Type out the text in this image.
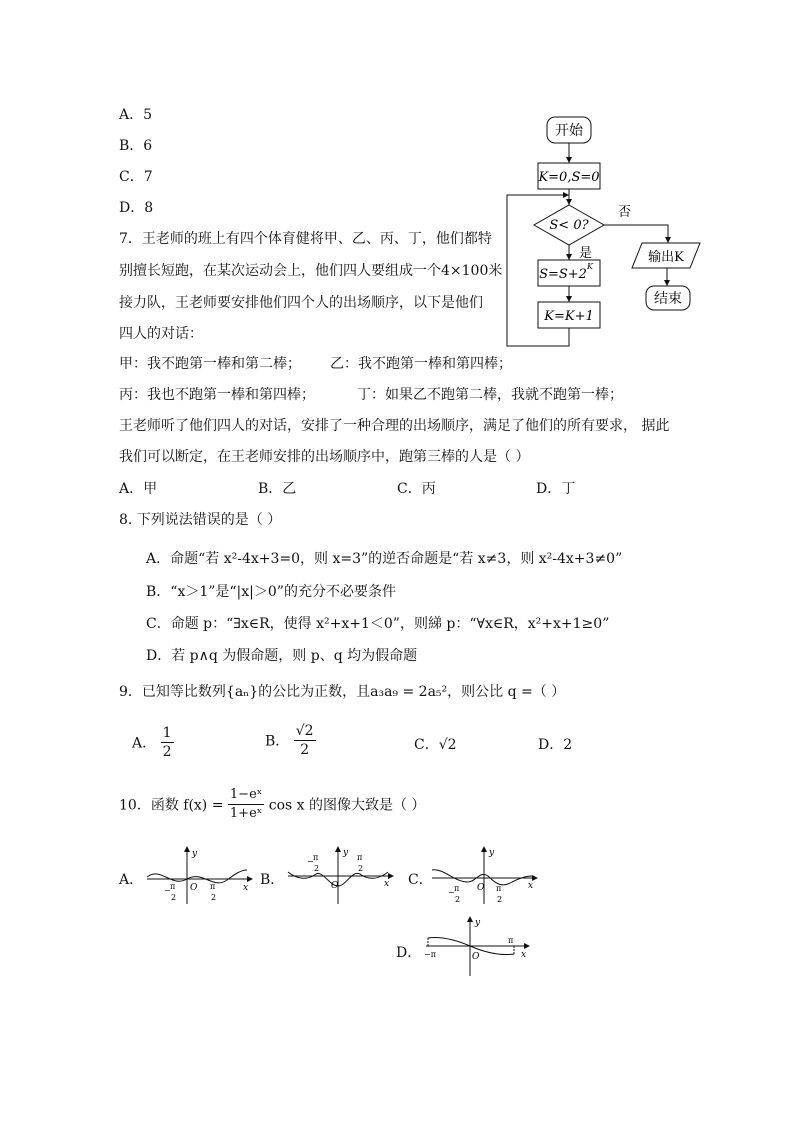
A．5
B．6
C．7
D．8
开始
K=0,S=0
S< 0?
是
否
S=S+2
K
K=K+1
输出K
结束
7．王老师的班上有四个体育健将甲、乙、丙、丁，他们都特
别擅长短跑，在某次运动会上，他们四人要组成一个4×100米
接力队，王老师要安排他们四个人的出场顺序，以下是他们
四人的对话：
甲：我不跑第一棒和第二棒； 乙：我不跑第一棒和第四棒；
丙：我也不跑第一棒和第四棒；	丁：如果乙不跑第二棒，我就不跑第一棒；
王老师听了他们四人的对话，安排了一种合理的出场顺序，满足了他们的所有要求， 据此
我们可以断定，在王老师安排的出场顺序中，跑第三棒的人是（ ）
A．甲	B．乙	C．丙	D．丁
8. 下列说法错误的是（ ）
A．命题“若 x²-4x+3=0，则 x=3”的逆否命题是“若 x≠3，则 x²-4x+3≠0”
B．“x＞1”是“|x|＞0”的充分不必要条件
C．命题 p：“∃x∈R，使得 x²+x+1＜0”，则綈 p：“∀x∈R，x²+x+1≥0”
D．若 p∧q 为假命题，则 p、q 均为假命题
9．已知等比数列{aₙ}的公比为正数，且a₃a₉ = 2a₅²，则公比 q =（ ）
A． $\frac{1}{2}$	B． $\frac{√2}{2}$	C．√2	D．2
10．函数 $f(x) = \frac{\text{1−eˣ}}{\text{1+eˣ}}$ cos x 的图像大致是（ ）
A．	B．	C．
D．
y
x
O
π
2
−	π
2
y
x
O
π
2
−	π
2
y
x
O
π
2
−	π
2
y
x
O
−π
π
